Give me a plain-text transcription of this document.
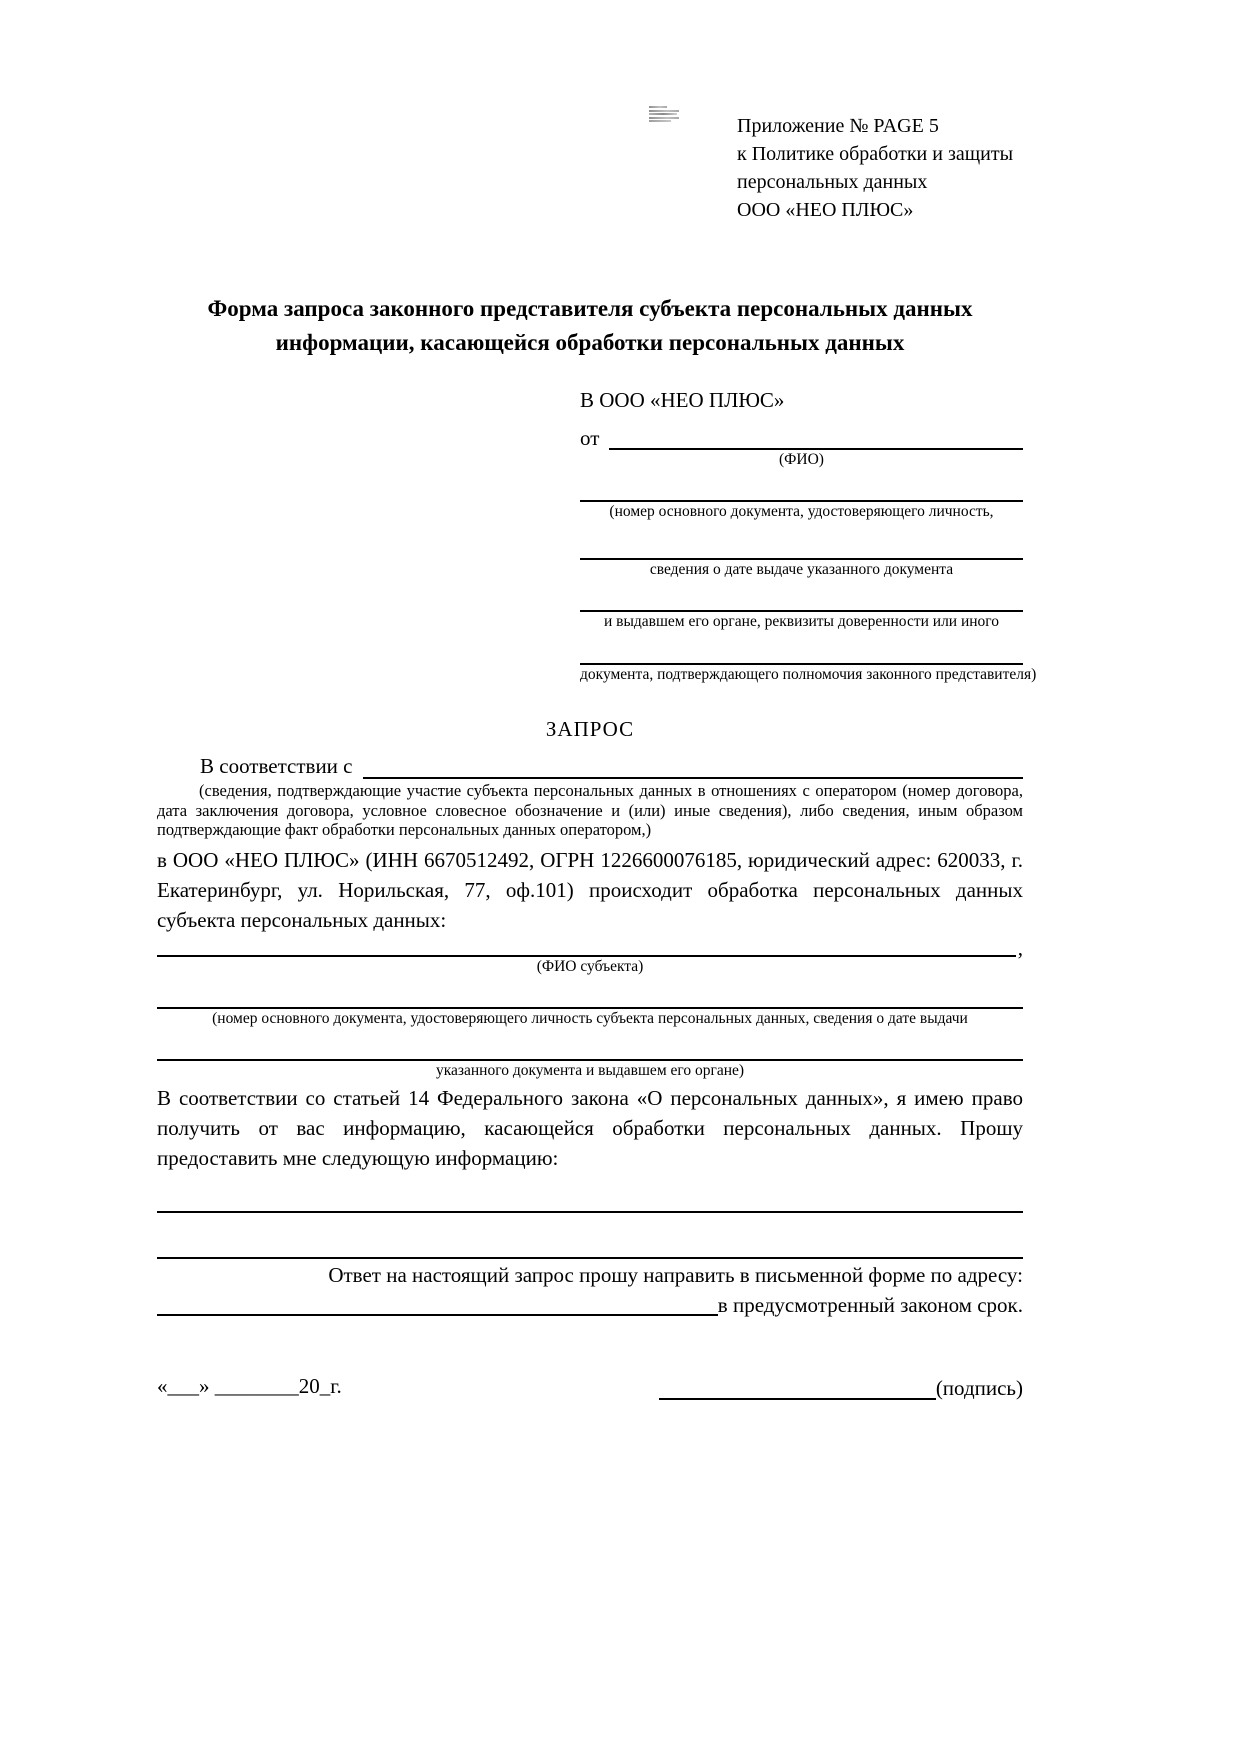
Приложение № PAGE 5
к Политике обработки и защиты
персональных данных
ООО «НЕО ПЛЮС»
Форма запроса законного представителя субъекта персональных данных
информации, касающейся обработки персональных данных
В ООО «НЕО ПЛЮС»
от
(ФИО)
(номер основного документа, удостоверяющего личность,
сведения о дате выдаче указанного документа
и выдавшем его органе, реквизиты доверенности или иного
документа, подтверждающего полномочия законного представителя)
ЗАПРОС
В соответствии с
(сведения, подтверждающие участие субъекта персональных данных в отношениях с оператором (номер договора, дата заключения договора, условное словесное обозначение и (или) иные сведения), либо сведения, иным образом подтверждающие факт обработки персональных данных оператором,)
в ООО «НЕО ПЛЮС» (ИНН 6670512492, ОГРН 1226600076185, юридический адрес: 620033, г. Екатеринбург, ул. Норильская, 77, оф.101) происходит обработка персональных данных субъекта персональных данных:
,
(ФИО субъекта)
(номер основного документа, удостоверяющего личность субъекта персональных данных, сведения о дате выдачи
указанного документа и выдавшем его органе)
В соответствии со статьей 14 Федерального закона «О персональных данных», я имею право получить от вас информацию, касающейся обработки персональных данных. Прошу предоставить мне следующую информацию:
Ответ на настоящий запрос прошу направить в письменной форме по адресу:
в предусмотренный законом срок.
«___» ________20_г.	(подпись)
